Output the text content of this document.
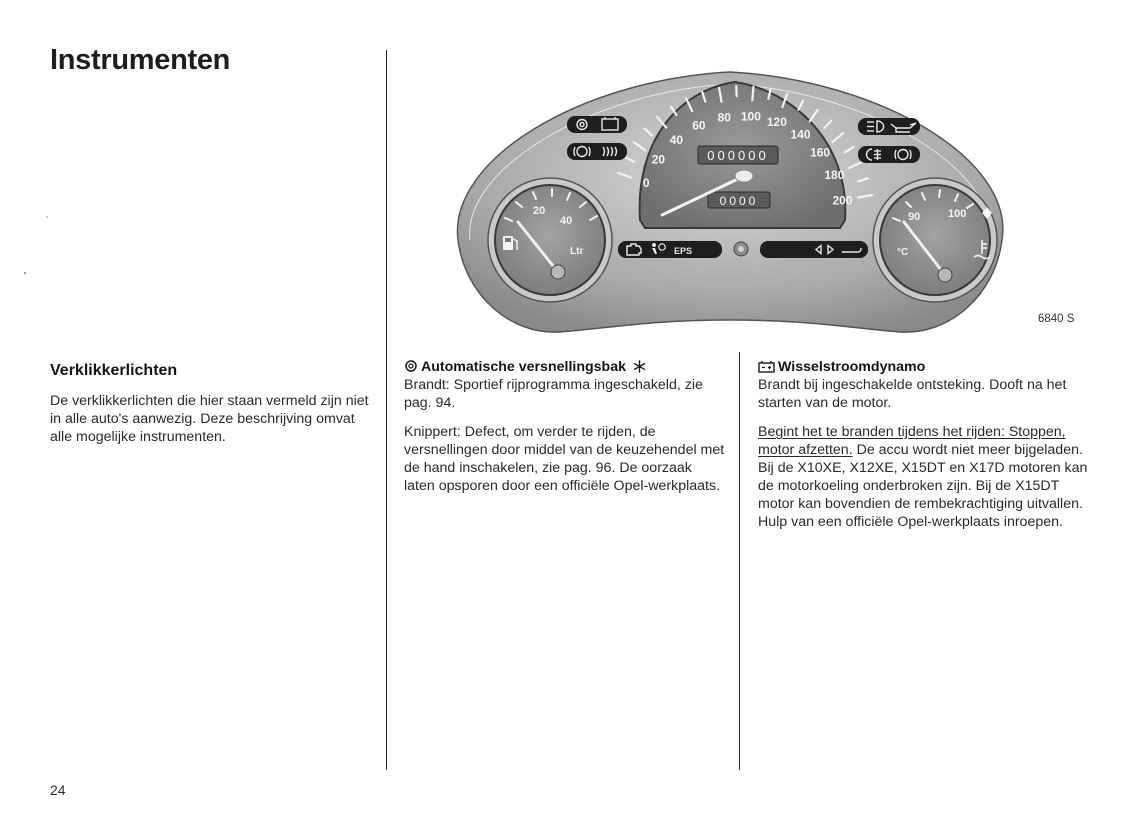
Instrumenten
0
20
40
60
80 100 120
140
160
180
200
000000
0000
20
40
Ltr
90	100
°C
EPS
6840 S
Verklikkerlichten

De verklikkerlichten die hier staan vermeld zijn niet in alle auto's aanwezig. Deze beschrijving omvat alle mogelijke instrumenten.

Automatische versnellingsbak

Brandt: Sportief rijprogramma ingeschakeld, zie pag. 94.

Knippert: Defect, om verder te rijden, de versnellingen door middel van de keuzehendel met de hand inschakelen, zie pag. 96. De oorzaak laten opsporen door een officiële Opel-werkplaats.

Wisselstroomdynamo

Brandt bij ingeschakelde ontsteking. Dooft na het starten van de motor.

Begint het te branden tijdens het rijden: Stoppen, motor afzetten. De accu wordt niet meer bijgeladen. Bij de X10XE, X12XE, X15DT en X17D motoren kan de motorkoeling onderbroken zijn. Bij de X15DT motor kan bovendien de rembekrachtiging uitvallen. Hulp van een officiële Opel-werkplaats inroepen.

24
